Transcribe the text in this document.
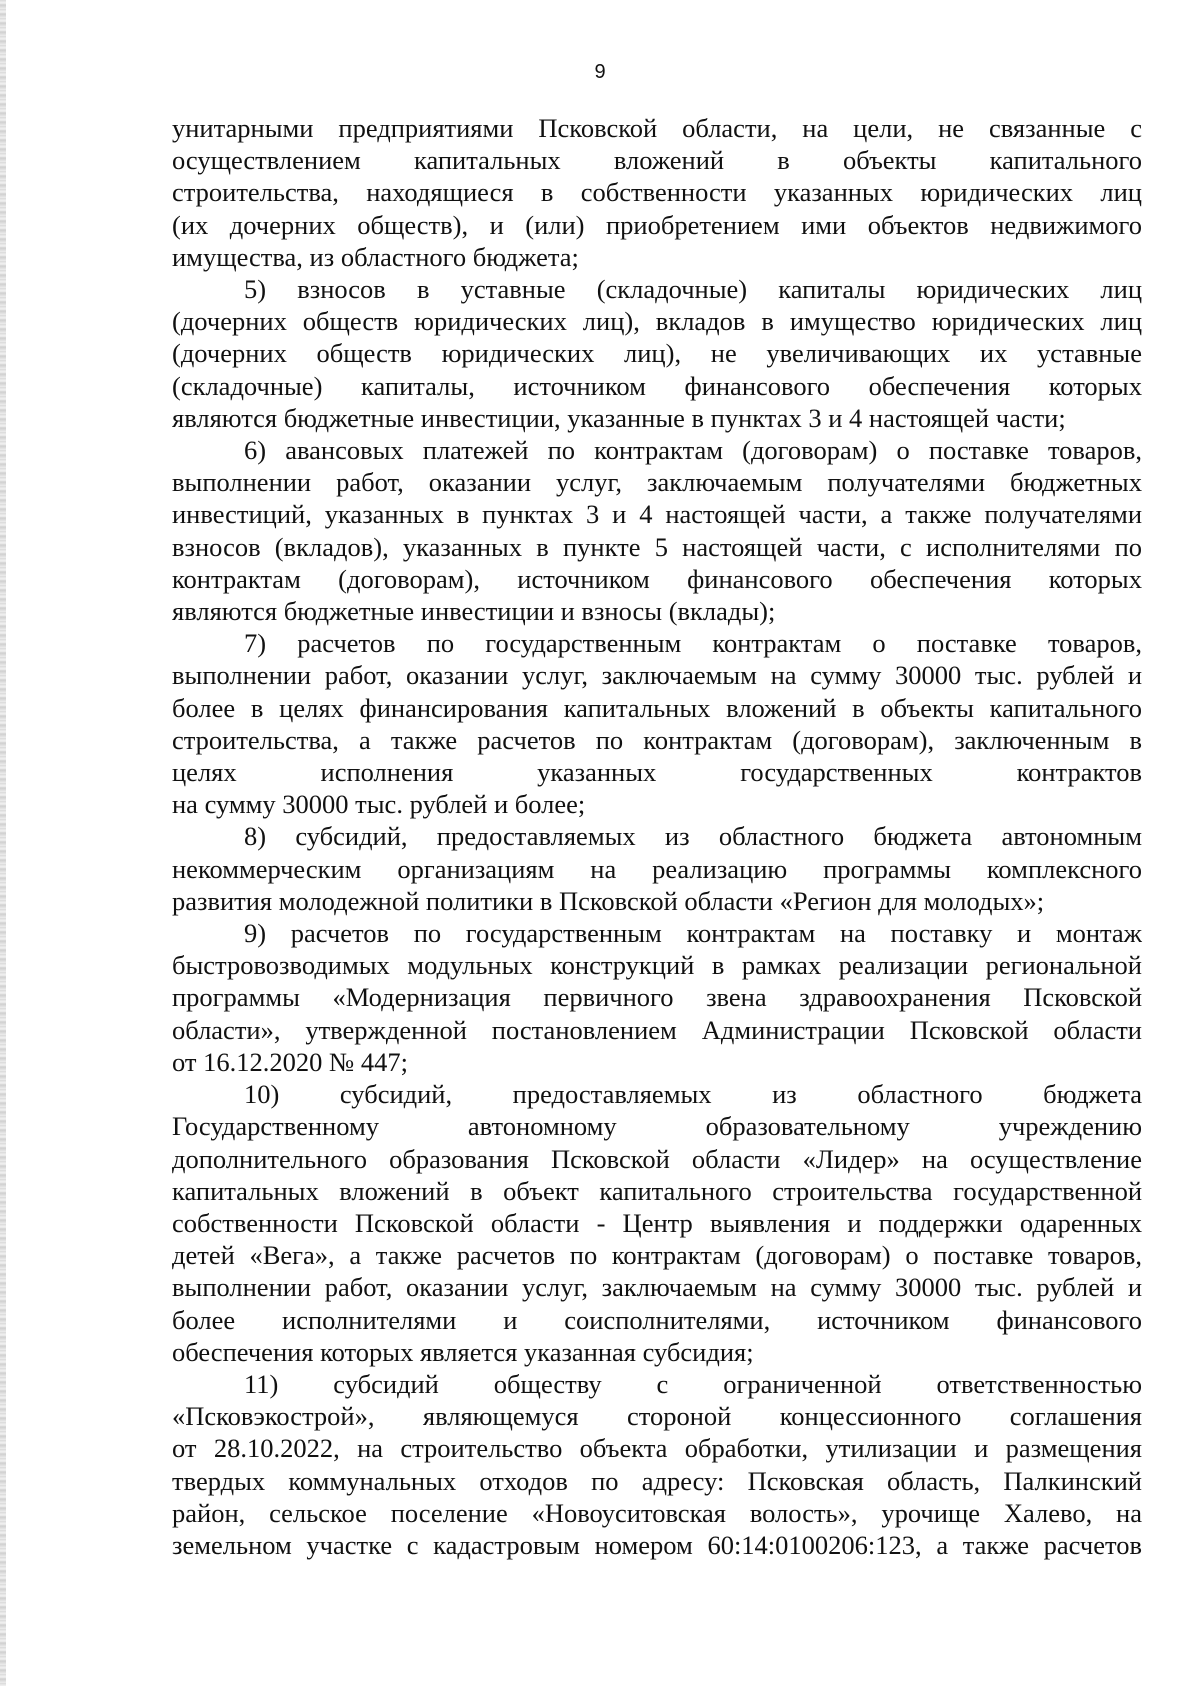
9

унитарными предприятиями Псковской области, на цели, не связанные с
осуществлением капитальных вложений в объекты капитального
строительства, находящиеся в собственности указанных юридических лиц
(их дочерних обществ), и (или) приобретением ими объектов недвижимого
имущества, из областного бюджета;

5) взносов в уставные (складочные) капиталы юридических лиц
(дочерних обществ юридических лиц), вкладов в имущество юридических лиц
(дочерних обществ юридических лиц), не увеличивающих их уставные
(складочные) капиталы, источником финансового обеспечения которых
являются бюджетные инвестиции, указанные в пунктах 3 и 4 настоящей части;

6) авансовых платежей по контрактам (договорам) о поставке товаров,
выполнении работ, оказании услуг, заключаемым получателями бюджетных
инвестиций, указанных в пунктах 3 и 4 настоящей части, а также получателями
взносов (вкладов), указанных в пункте 5 настоящей части, с исполнителями по
контрактам (договорам), источником финансового обеспечения которых
являются бюджетные инвестиции и взносы (вклады);

7) расчетов по государственным контрактам о поставке товаров,
выполнении работ, оказании услуг, заключаемым на сумму 30000 тыс. рублей и
более в целях финансирования капитальных вложений в объекты капитального
строительства, а также расчетов по контрактам (договорам), заключенным в
целях исполнения указанных государственных контрактов
на сумму 30000 тыс. рублей и более;

8) субсидий, предоставляемых из областного бюджета автономным
некоммерческим организациям на реализацию программы комплексного
развития молодежной политики в Псковской области «Регион для молодых»;

9) расчетов по государственным контрактам на поставку и монтаж
быстровозводимых модульных конструкций в рамках реализации региональной
программы «Модернизация первичного звена здравоохранения Псковской
области», утвержденной постановлением Администрации Псковской области
от 16.12.2020 № 447;

10) субсидий, предоставляемых из областного бюджета
Государственному автономному образовательному учреждению
дополнительного образования Псковской области «Лидер» на осуществление
капитальных вложений в объект капитального строительства государственной
собственности Псковской области - Центр выявления и поддержки одаренных
детей «Вега», а также расчетов по контрактам (договорам) о поставке товаров,
выполнении работ, оказании услуг, заключаемым на сумму 30000 тыс. рублей и
более исполнителями и соисполнителями, источником финансового
обеспечения которых является указанная субсидия;

11) субсидий обществу с ограниченной ответственностью
«Псковэкострой», являющемуся стороной концессионного соглашения
от 28.10.2022, на строительство объекта обработки, утилизации и размещения
твердых коммунальных отходов по адресу: Псковская область, Палкинский
район, сельское поселение «Новоуситовская волость», урочище Халево, на
земельном участке с кадастровым номером 60:14:0100206:123, а также расчетов
